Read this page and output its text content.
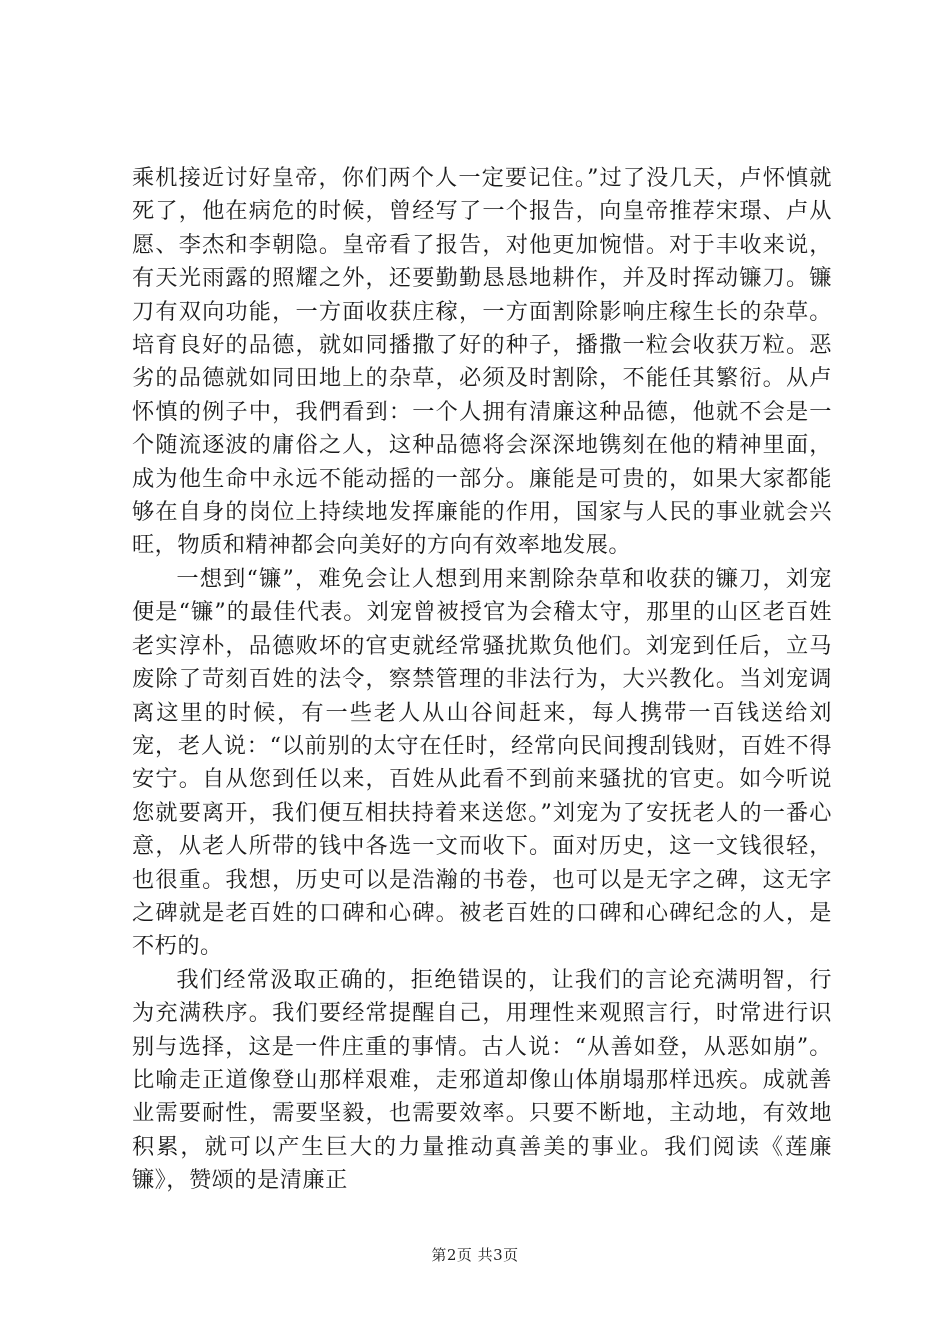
乘机接近讨好皇帝，你们两个人一定要记住。”过了没几天，卢怀慎就死了，他在病危的时候，曾经写了一个报告，向皇帝推荐宋璟、卢从愿、李杰和李朝隐。皇帝看了报告，对他更加惋惜。对于丰收来说，有天光雨露的照耀之外，还要勤勤恳恳地耕作，并及时挥动镰刀。镰刀有双向功能，一方面收获庄稼，一方面割除影响庄稼生长的杂草。培育良好的品德，就如同播撒了好的种子，播撒一粒会收获万粒。恶劣的品德就如同田地上的杂草，必须及时割除，不能任其繁衍。从卢怀慎的例子中，我們看到：一个人拥有清廉这种品德，他就不会是一个随流逐波的庸俗之人，这种品德将会深深地镌刻在他的精神里面，成为他生命中永远不能动摇的一部分。廉能是可贵的，如果大家都能够在自身的岗位上持续地发挥廉能的作用，国家与人民的事业就会兴旺，物质和精神都会向美好的方向有效率地发展。

一想到“镰”，难免会让人想到用来割除杂草和收获的镰刀，刘宠便是“镰”的最佳代表。刘宠曾被授官为会稽太守，那里的山区老百姓老实淳朴，品德败坏的官吏就经常骚扰欺负他们。刘宠到任后，立马废除了苛刻百姓的法令，察禁管理的非法行为，大兴教化。当刘宠调离这里的时候，有一些老人从山谷间赶来，每人携带一百钱送给刘宠，老人说：“以前别的太守在任时，经常向民间搜刮钱财，百姓不得安宁。自从您到任以来，百姓从此看不到前来骚扰的官吏。如今听说您就要离开，我们便互相扶持着来送您。”刘宠为了安抚老人的一番心意，从老人所带的钱中各选一文而收下。面对历史，这一文钱很轻，也很重。我想，历史可以是浩瀚的书卷，也可以是无字之碑，这无字之碑就是老百姓的口碑和心碑。被老百姓的口碑和心碑纪念的人，是不朽的。

我们经常汲取正确的，拒绝错误的，让我们的言论充满明智，行为充满秩序。我们要经常提醒自己，用理性来观照言行，时常进行识别与选择，这是一件庄重的事情。古人说：“从善如登，从恶如崩”。比喻走正道像登山那样艰难，走邪道却像山体崩塌那样迅疾。成就善业需要耐性，需要坚毅，也需要效率。只要不断地，主动地，有效地积累，就可以产生巨大的力量推动真善美的事业。我们阅读《莲廉镰》，赞颂的是清廉正

第2页 共3页
